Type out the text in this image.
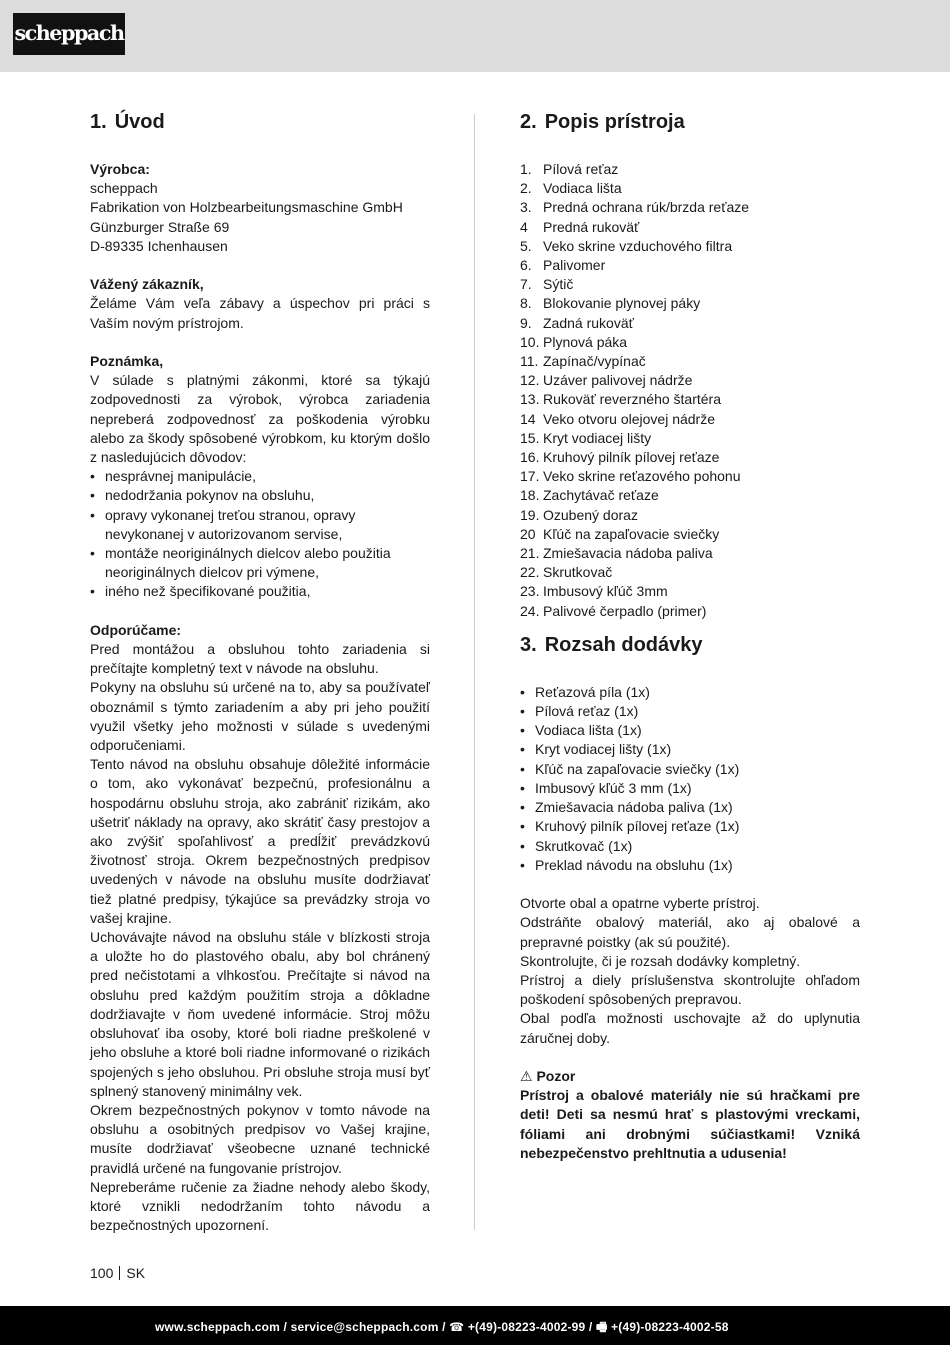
scheppach
1. Úvod

Výrobca:

scheppach

Fabrikation von Holzbearbeitungsmaschine GmbH

Günzburger Straße 69

D-89335 Ichenhausen

Vážený zákazník,

Želáme Vám veľa zábavy a úspechov pri práci s Vaším novým prístrojom.

Poznámka,

V súlade s platnými zákonmi, ktoré sa týkajú zodpovednosti za výrobok, výrobca zariadenia nepreberá zodpovednosť za poškodenia výrobku alebo za škody spôsobené výrobkom, ku ktorým došlo z nasledujúcich dôvodov:

• nesprávnej manipulácie,
• nedodržania pokynov na obsluhu,
• opravy vykonanej treťou stranou, opravy nevykonanej v autorizovanom servise,
• montáže neoriginálnych dielcov alebo použitia neoriginálnych dielcov pri výmene,
• iného než špecifikované použitia,

Odporúčame:

Pred montážou a obsluhou tohto zariadenia si prečítajte kompletný text v návode na obsluhu.

Pokyny na obsluhu sú určené na to, aby sa používateľ oboznámil s týmto zariadením a aby pri jeho použití využil všetky jeho možnosti v súlade s uvedenými odporučeniami.

Tento návod na obsluhu obsahuje dôležité informácie o tom, ako vykonávať bezpečnú, profesionálnu a hospodárnu obsluhu stroja, ako zabrániť rizikám, ako ušetriť náklady na opravy, ako skrátiť časy prestojov a ako zvýšiť spoľahlivosť a predĺžiť prevádzkovú životnosť stroja. Okrem bezpečnostných predpisov uvedených v návode na obsluhu musíte dodržiavať tiež platné predpisy, týkajúce sa prevádzky stroja vo vašej krajine.

Uchovávajte návod na obsluhu stále v blízkosti stroja a uložte ho do plastového obalu, aby bol chránený pred nečistotami a vlhkosťou. Prečítajte si návod na obsluhu pred každým použitím stroja a dôkladne dodržiavajte v ňom uvedené informácie. Stroj môžu obsluhovať iba osoby, ktoré boli riadne preškolené v jeho obsluhe a ktoré boli riadne informované o rizikách spojených s jeho obsluhou. Pri obsluhe stroja musí byť splnený stanovený minimálny vek.

Okrem bezpečnostných pokynov v tomto návode na obsluhu a osobitných predpisov vo Vašej krajine, musíte dodržiavať všeobecne uznané technické pravidlá určené na fungovanie prístrojov.

Nepreberáme ručenie za žiadne nehody alebo škody, ktoré vznikli nedodržaním tohto návodu a bezpečnostných upozornení.

2. Popis prístroja
1. Pílová reťaz
2. Vodiaca lišta
3. Predná ochrana rúk/brzda reťaze
4	Predná rukoväť
5. Veko skrine vzduchového filtra
6. Palivomer
7. Sýtič
8. Blokovanie plynovej páky
9. Zadná rukoväť
10. Plynová páka
11. Zapínač/vypínač
12. Uzáver palivovej nádrže
13. Rukoväť reverzného štartéra
14 Veko otvoru olejovej nádrže
15. Kryt vodiacej lišty
16. Kruhový pilník pílovej reťaze
17. Veko skrine reťazového pohonu
18. Zachytávač reťaze
19. Ozubený doraz
20 Kľúč na zapaľovacie sviečky
21. Zmiešavacia nádoba paliva
22. Skrutkovač
23. Imbusový kľúč 3mm
24. Palivové čerpadlo (primer)
3. Rozsah dodávky
• Reťazová píla (1x)
• Pílová reťaz (1x)
• Vodiaca lišta (1x)
• Kryt vodiacej lišty (1x)
• Kľúč na zapaľovacie sviečky (1x)
• Imbusový kľúč 3 mm (1x)
• Zmiešavacia nádoba paliva (1x)
• Kruhový pilník pílovej reťaze (1x)
• Skrutkovač (1x)
• Preklad návodu na obsluhu (1x)

Otvorte obal a opatrne vyberte prístroj.

Odstráňte obalový materiál, ako aj obalové a prepravné poistky (ak sú použité).

Skontrolujte, či je rozsah dodávky kompletný.

Prístroj a diely príslušenstva skontrolujte ohľadom poškodení spôsobených prepravou.

Obal podľa možnosti uschovajte až do uplynutia záručnej doby.

⚠ Pozor

Prístroj a obalové materiály nie sú hračkami pre deti! Deti sa nesmú hrať s plastovými vreckami, fóliami ani drobnými súčiastkami! Vzniká nebezpečenstvo prehltnutia a udusenia!

100 SK
www.scheppach.com / service@scheppach.com / ☎ +(49)-08223-4002-99 / 🖷 +(49)-08223-4002-58
